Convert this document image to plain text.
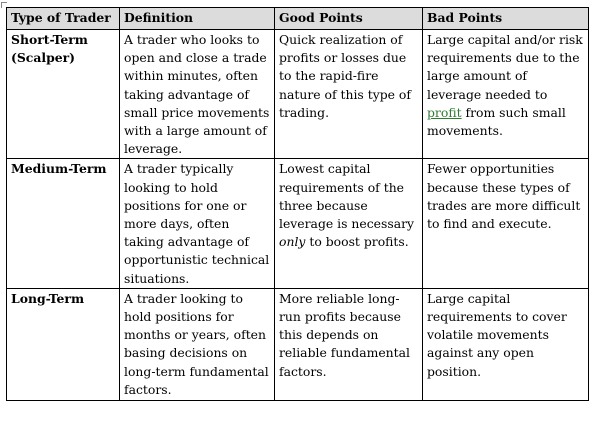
Type of Trader	Definition	Good Points	Bad Points
Short-Term (Scalper)	A trader who looks to open and close a trade within minutes, often taking advantage of small price movements with a large amount of leverage.	Quick realization of profits or losses due to the rapid-fire nature of this type of trading.	Large capital and/or risk requirements due to the large amount of leverage needed to profit from such small movements.
Medium-Term	A trader typically looking to hold positions for one or more days, often taking advantage of opportunistic technical situations.	Lowest capital requirements of the three because leverage is necessary only to boost profits.	Fewer opportunities because these types of trades are more difficult to find and execute.
Long-Term	A trader looking to hold positions for months or years, often basing decisions on long-term fundamental factors.	More reliable long-run profits because this depends on reliable fundamental factors.	Large capital requirements to cover volatile movements against any open position.
